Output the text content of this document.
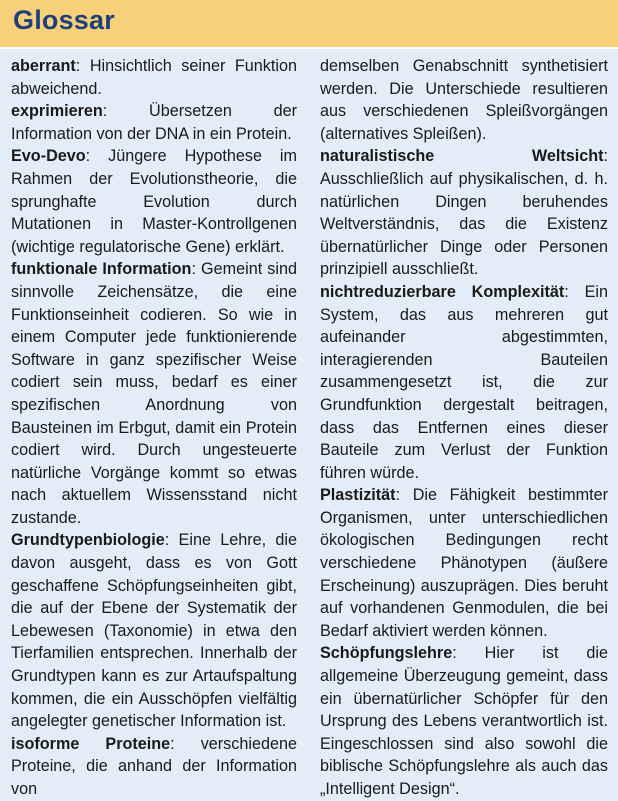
Glossar

aberrant: Hinsichtlich seiner Funktion abweichend.

exprimieren: Übersetzen der Information von der DNA in ein Protein.

Evo-Devo: Jüngere Hypothese im Rahmen der Evolutionstheorie, die sprunghafte Evolution durch Mutationen in Master-Kontrollgenen (wichtige regulatorische Gene) erklärt.

funktionale Information: Gemeint sind sinnvolle Zeichensätze, die eine Funktionseinheit codieren. So wie in einem Computer jede funktionierende Software in ganz spezifischer Weise codiert sein muss, bedarf es einer spezifischen Anordnung von Bausteinen im Erbgut, damit ein Protein codiert wird. Durch ungesteuerte natürliche Vorgänge kommt so etwas nach aktuellem Wissensstand nicht zustande.

Grundtypenbiologie: Eine Lehre, die davon ausgeht, dass es von Gott geschaffene Schöpfungseinheiten gibt, die auf der Ebene der Systematik der Lebewesen (Taxonomie) in etwa den Tierfamilien entsprechen. Innerhalb der Grundtypen kann es zur Artaufspaltung kommen, die ein Ausschöpfen vielfältig angelegter genetischer Information ist.

isoforme Proteine: verschiedene Proteine, die anhand der Information von

demselben Genabschnitt synthetisiert werden. Die Unterschiede resultieren aus verschiedenen Spleißvorgängen (alternatives Spleißen).

naturalistische Weltsicht: Ausschließlich auf physikalischen, d. h. natürlichen Dingen beruhendes Weltverständnis, das die Existenz übernatürlicher Dinge oder Personen prinzipiell ausschließt.

nichtreduzierbare Komplexität: Ein System, das aus mehreren gut aufeinander abgestimmten, interagierenden Bauteilen zusammengesetzt ist, die zur Grundfunktion dergestalt beitragen, dass das Entfernen eines dieser Bauteile zum Verlust der Funktion führen würde.

Plastizität: Die Fähigkeit bestimmter Organismen, unter unterschiedlichen ökologischen Bedingungen recht verschiedene Phänotypen (äußere Erscheinung) auszuprägen. Dies beruht auf vorhandenen Genmodulen, die bei Bedarf aktiviert werden können.

Schöpfungslehre: Hier ist die allgemeine Überzeugung gemeint, dass ein übernatürlicher Schöpfer für den Ursprung des Lebens verantwortlich ist. Eingeschlossen sind also sowohl die biblische Schöpfungslehre als auch das „Intelligent Design“.
